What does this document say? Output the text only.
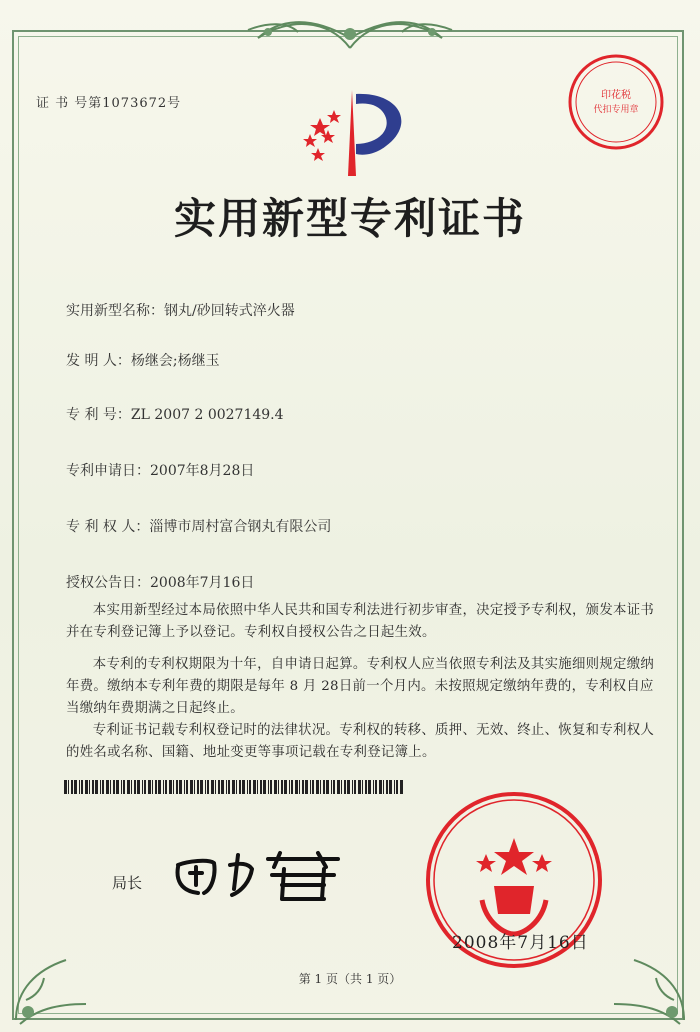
证 书 号第1073672号
印花税
代扣专用章
实用新型专利证书
实用新型名称：钢丸/砂回转式淬火器
发 明 人：杨继会;杨继玉
专 利 号：ZL 2007 2 0027149.4
专利申请日：2007年8月28日
专 利 权 人：淄博市周村富合钢丸有限公司
授权公告日：2008年7月16日
本实用新型经过本局依照中华人民共和国专利法进行初步审查，决定授予专利权，颁发本证书并在专利登记簿上予以登记。专利权自授权公告之日起生效。
本专利的专利权期限为十年，自申请日起算。专利权人应当依照专利法及其实施细则规定缴纳年费。缴纳本专利年费的期限是每年 8 月 28日前一个月内。未按照规定缴纳年费的，专利权自应当缴纳年费期满之日起终止。
专利证书记载专利权登记时的法律状况。专利权的转移、质押、无效、终止、恢复和专利权人的姓名或名称、国籍、地址变更等事项记载在专利登记簿上。
局长
2008年7月16日
第 1 页（共 1 页）
